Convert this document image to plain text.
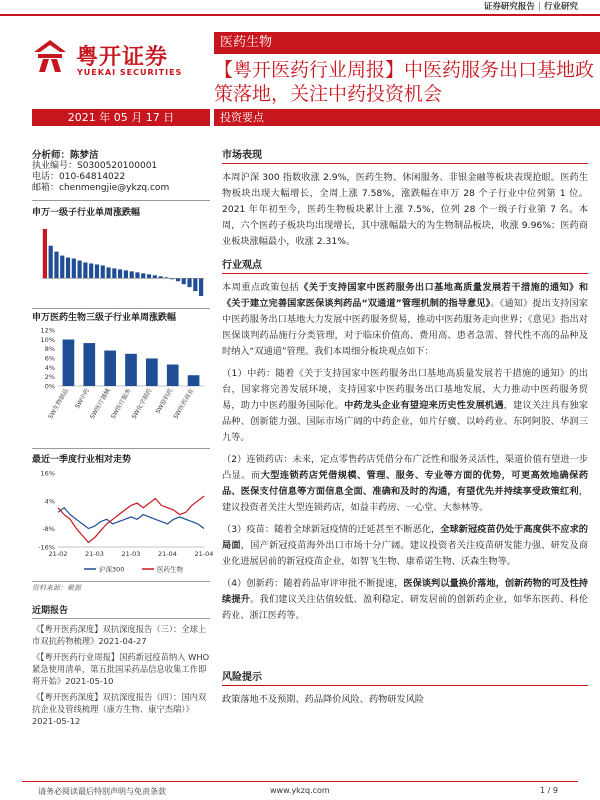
证券研究报告 | 行业研究
粤开证券
YUEKAI SECURITIES
医药生物
【粤开医药行业周报】中医药服务出口基地政策落地，关注中药投资机会
2021 年 05 月 17 日	投资要点
分析师：陈梦洁
执业编号：S0300520100001
电话：010-64814022
邮箱：chenmengjie@ykzq.com
申万一级子行业单周涨跌幅
申万医药生物三级子行业单周涨跌幅
12%
10%
8%
6%
4%
2%
0%
SW生物制品 SW中药
SW医疗器械
SW医疗服务
SW化学制药 SW原料药
SW医药商业
最近一季度行业相对走势
16%
4%
-8%
-16%
21-02	21-03	21-03	21-04	21-04
沪深300	医药生物
资料来源：聚源
近期报告
《【粤开医药深度】双抗深度报告（三）：全球上市双抗药物梳理》2021-04-27
《【粤开医药行业周报】国药新冠疫苗纳入 WHO 紧急使用清单，第五批国采药品信息收集工作即将开始》2021-05-10
《【粤开医药深度】双抗深度报告（四）：国内双抗企业及管线梳理（康方生物、康宁杰瑞）》2021-05-12
市场表现
本周沪深 300 指数收涨 2.9%，医药生物、休闲服务、非银金融等板块表现抢眼。医药生物板块出现大幅增长，全周上涨 7.58%，涨跌幅在申万 28 个子行业中位列第 1 位。2021 年年初至今，医药生物板块累计上涨 7.5%，位列 28 个一级子行业第 7 名。本周，六个医药子板块均出现增长，其中涨幅最大的为生物制品板块，收涨 9.96%；医药商业板块涨幅最小，收涨 2.31%。
行业观点
本周重点政策包括《关于支持国家中医药服务出口基地高质量发展若干措施的通知》和《关于建立完善国家医保谈判药品“双通道”管理机制的指导意见》。《通知》提出支持国家中医药服务出口基地大力发展中医药服务贸易，推动中医药服务走向世界；《意见》指出对医保谈判药品施行分类管理，对于临床价值高、费用高、患者急需、替代性不高的品种及时纳入“双通道”管理。我们本周细分板块观点如下：
（1）中药：随着《关于支持国家中医药服务出口基地高质量发展若干措施的通知》的出台，国家将完善发展环境，支持国家中医药服务出口基地发展，大力推动中医药服务贸易，助力中医药服务国际化。中药龙头企业有望迎来历史性发展机遇，建议关注具有独家品种、创新能力强、国际市场广阔的中药企业，如片仔癀、以岭药业、东阿阿胶、华润三九等。
（2）连锁药店：未来，定点零售药店凭借分布广泛性和服务灵活性，渠道价值有望进一步凸显。而大型连锁药店凭借规模、管理、服务、专业等方面的优势，可更高效地确保药品、医保支付信息等方面信息全面、准确和及时的沟通，有望优先并持续享受政策红利，建议投资者关注大型连锁药店，如益丰药房、一心堂、大参林等。
（3）疫苗：随着全球新冠疫情的迁延甚至不断恶化，全球新冠疫苗仍处于高度供不应求的局面，国产新冠疫苗海外出口市场十分广阔。建议投资者关注疫苗研发能力强、研发及商业化进展居前的新冠疫苗企业，如智飞生物、康希诺生物、沃森生物等。
（4）创新药：随着药品审评审批不断提速，医保谈判以量换价落地，创新药物的可及性持续提升。我们建议关注估值较低、盈利稳定、研发居前的创新药企业，如华东医药、科伦药业、浙江医药等。
风险提示
政策落地不及预期、药品降价风险、药物研发风险
请务必阅读最后特别声明与免责条款	www.ykzq.com	1 / 9
